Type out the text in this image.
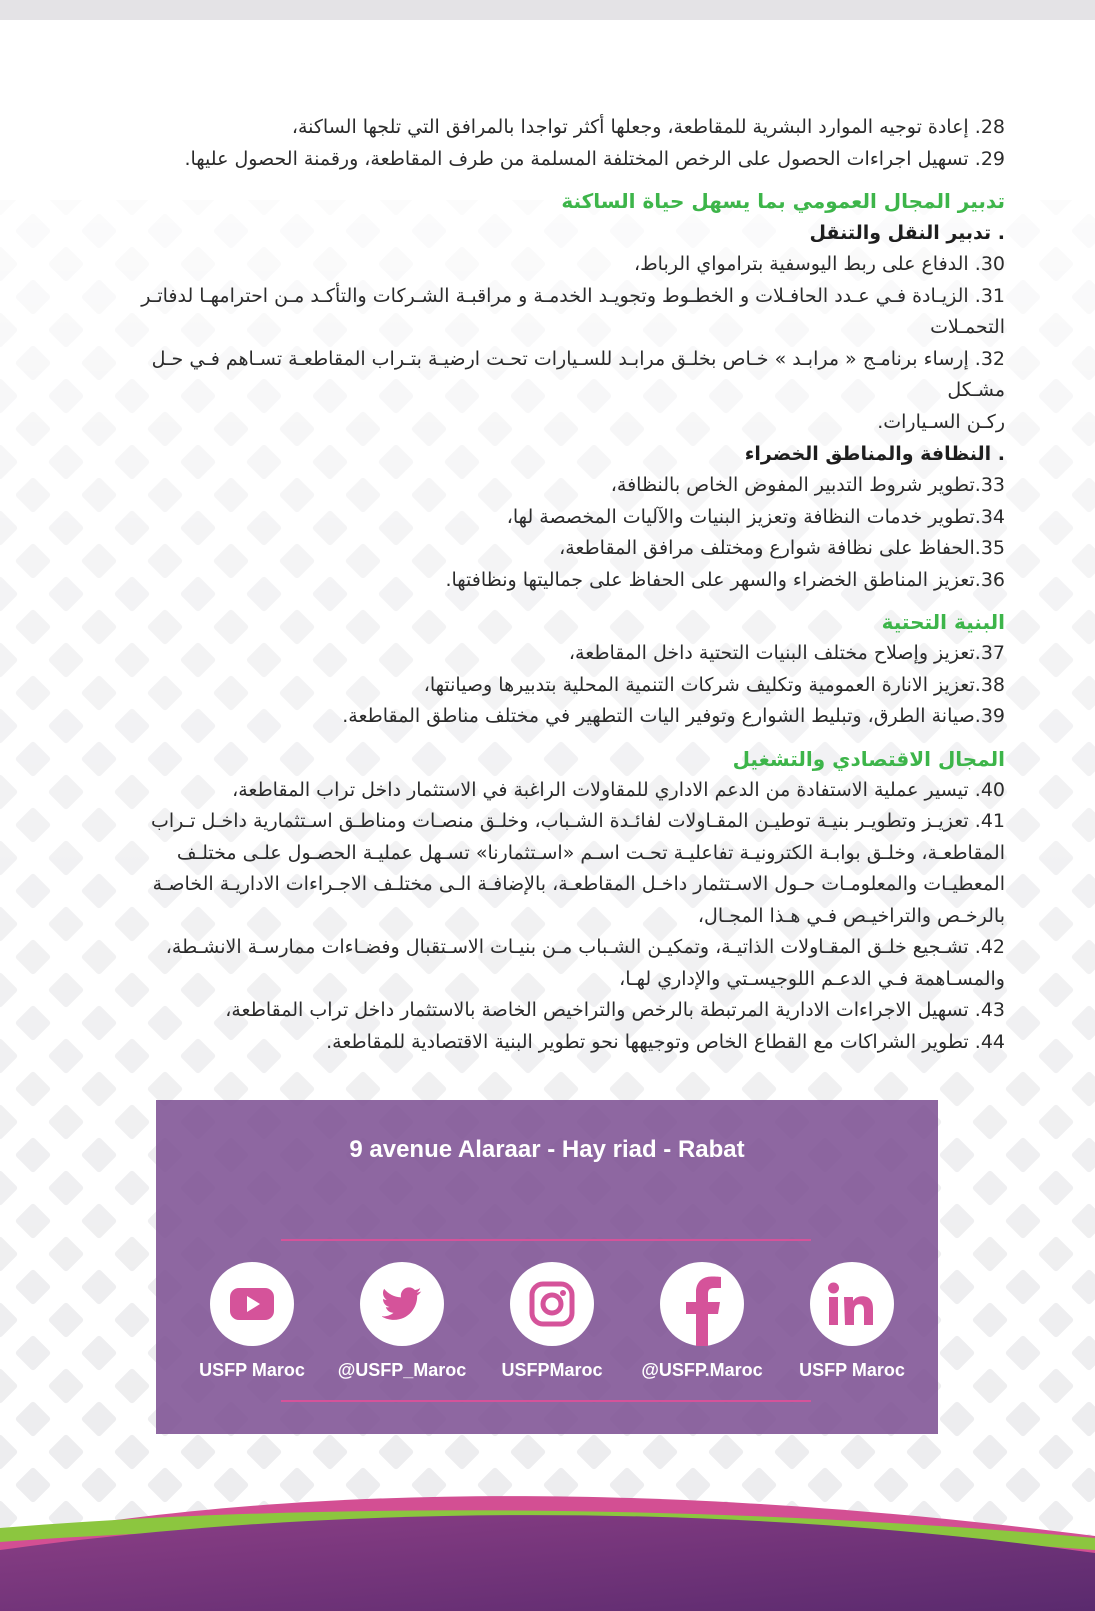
28. إعادة توجيه الموارد البشرية للمقاطعة، وجعلها أكثر تواجدا بالمرافق التي تلجها الساكنة،

29. تسهيل اجراءات الحصول على الرخص المختلفة المسلمة من طرف المقاطعة، ورقمنة الحصول عليها.

تدبير المجال العمومي بما يسهل حياة الساكنة

. تدبير النقل والتنقل

30. الدفاع على ربط اليوسفية بترامواي الرباط،

31. الزيـادة فـي عـدد الحافـلات و الخطـوط وتجويـد الخدمـة و مراقبـة الشـركات والتأكـد مـن احترامهـا لدفاتـر

التحمـلات

32. إرساء برنامـج « مرابـد » خـاص بخلـق مرابـد للسـيارات تحـت ارضيـة بتـراب المقاطعـة تسـاهم فـي حـل مشـكل

ركـن السـيارات.

. النظافة والمناطق الخضراء

33.تطوير شروط التدبير المفوض الخاص بالنظافة،

34.تطوير خدمات النظافة وتعزيز البنيات والآليات المخصصة لها،

35.الحفاظ على نظافة شوارع ومختلف مرافق المقاطعة،

36.تعزيز المناطق الخضراء والسهر على الحفاظ على جماليتها ونظافتها.

البنية التحتية

37.تعزيز وإصلاح مختلف البنيات التحتية داخل المقاطعة،

38.تعزيز الانارة العمومية وتكليف شركات التنمية المحلية بتدبيرها وصيانتها،

39.صيانة الطرق، وتبليط الشوارع وتوفير اليات التطهير في مختلف مناطق المقاطعة.

المجال الاقتصادي والتشغيل

40. تيسير عملية الاستفادة من الدعم الاداري للمقاولات الراغبة في الاستثمار داخل تراب المقاطعة،

41. تعزيـز وتطويـر بنيـة توطيـن المقـاولات لفائـدة الشـباب، وخلـق منصـات ومناطـق اسـتثمارية داخـل تـراب

المقاطعـة، وخلـق بوابـة الكترونيـة تفاعليـة تحـت اسـم «اسـتثمارنا» تسـهل عمليـة الحصـول علـى مختلـف

المعطيـات والمعلومـات حـول الاسـتثمار داخـل المقاطعـة، بالإضافـة الـى مختلـف الاجـراءات الاداريـة الخاصـة

بالرخـص والتراخيـص فـي هـذا المجـال،

42. تشـجيع خلـق المقـاولات الذاتيـة، وتمكيـن الشـباب مـن بنيـات الاسـتقبال وفضـاءات ممارسـة الانشـطة،

والمسـاهمة فـي الدعـم اللوجيسـتي والإداري لهـا،

43. تسهيل الاجراءات الادارية المرتبطة بالرخص والتراخيص الخاصة بالاستثمار داخل تراب المقاطعة،

44. تطوير الشراكات مع القطاع الخاص وتوجيهها نحو تطوير البنية الاقتصادية للمقاطعة.

9 avenue Alaraar - Hay riad - Rabat
USFP Maroc	@USFP_Maroc	USFPMaroc	@USFP.Maroc	USFP Maroc
